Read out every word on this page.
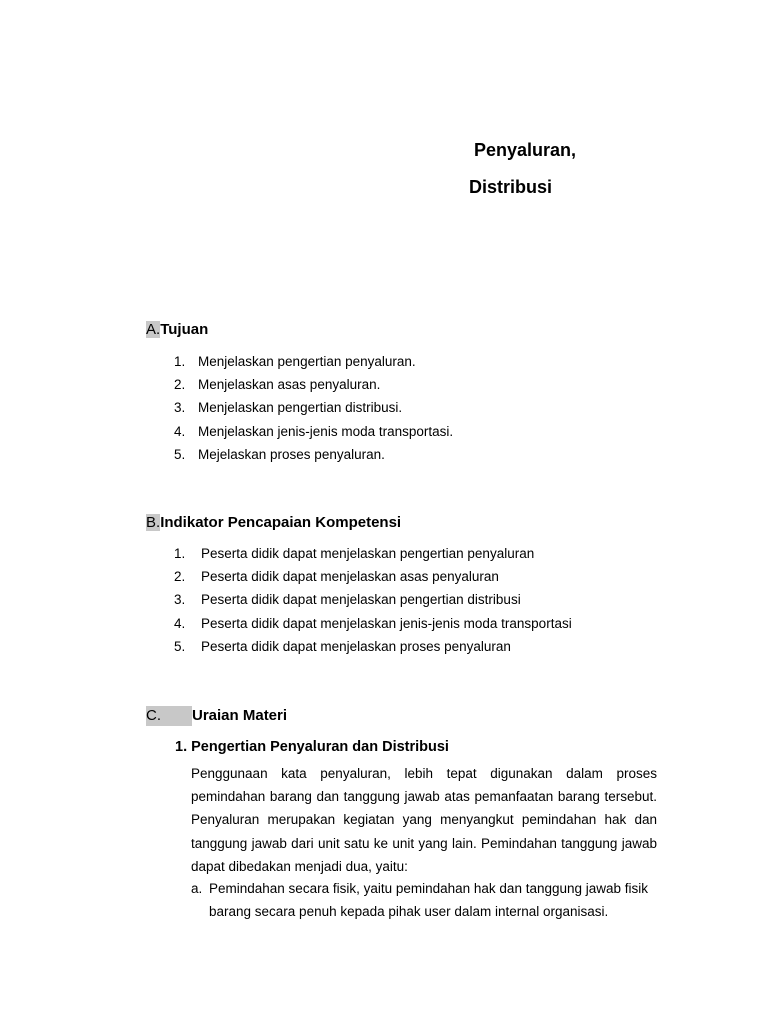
Penyaluran,
Distribusi
A.Tujuan
1. Menjelaskan pengertian penyaluran.
2. Menjelaskan asas penyaluran.
3. Menjelaskan pengertian distribusi.
4. Menjelaskan jenis-jenis moda transportasi.
5. Mejelaskan proses penyaluran.
B.Indikator Pencapaian Kompetensi
1. Peserta didik dapat menjelaskan pengertian penyaluran
2. Peserta didik dapat menjelaskan asas penyaluran
3. Peserta didik dapat menjelaskan pengertian distribusi
4. Peserta didik dapat menjelaskan jenis-jenis moda transportasi
5. Peserta didik dapat menjelaskan proses penyaluran
C. Uraian Materi
1. Pengertian Penyaluran dan Distribusi

Penggunaan kata penyaluran, lebih tepat digunakan dalam proses pemindahan barang dan tanggung jawab atas pemanfaatan barang tersebut. Penyaluran merupakan kegiatan yang menyangkut pemindahan hak dan tanggung jawab dari unit satu ke unit yang lain. Pemindahan tanggung jawab dapat dibedakan menjadi dua, yaitu:

a. Pemindahan secara fisik, yaitu pemindahan hak dan tanggung jawab fisik barang secara penuh kepada pihak user dalam internal organisasi.
